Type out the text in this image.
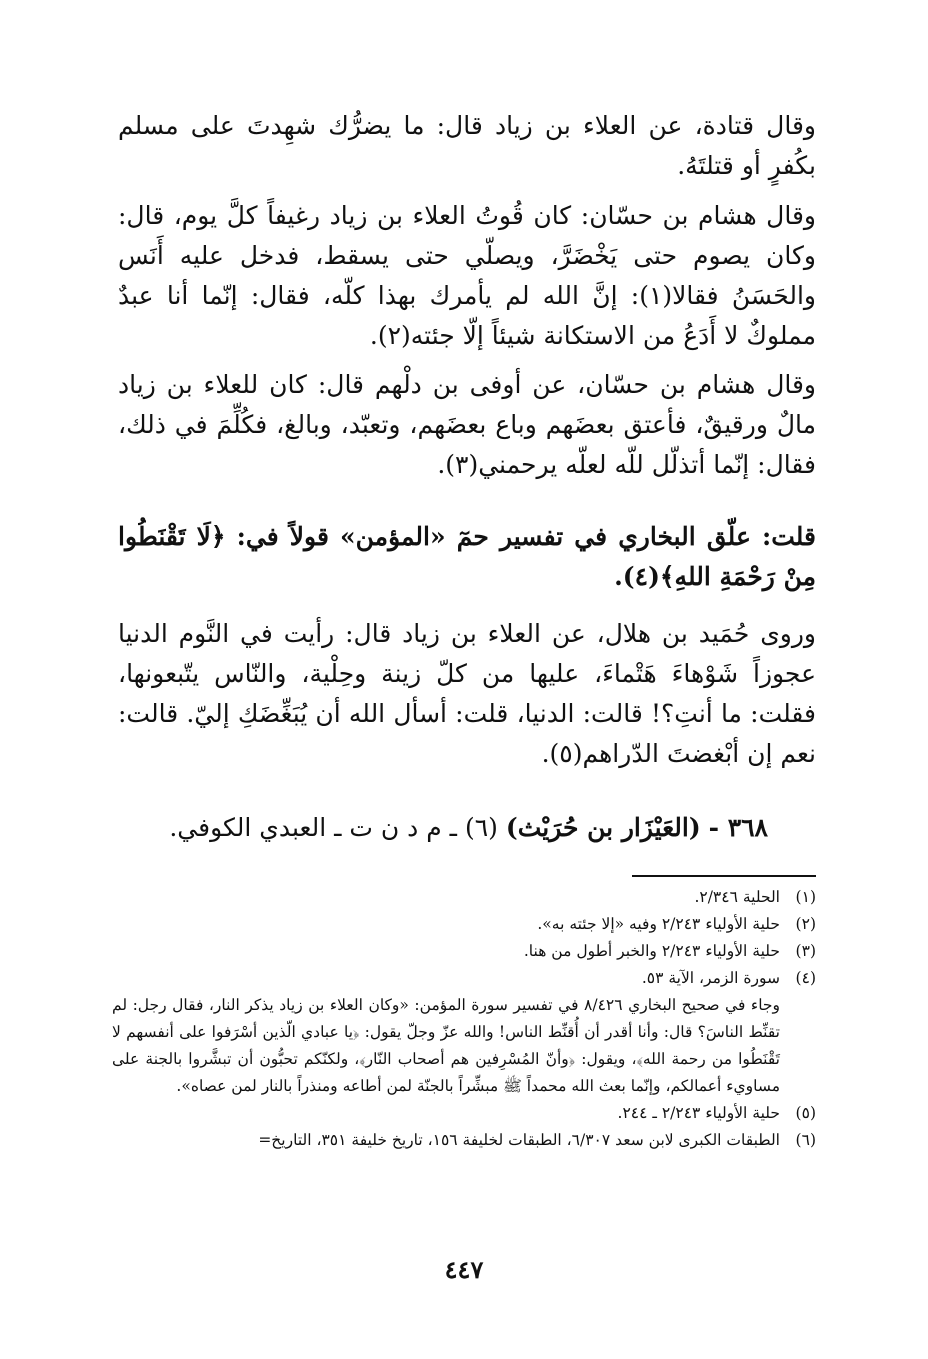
وقال قتادة، عن العلاء بن زياد قال: ما يضرُّك شهِدتَ على مسلم بكُفرٍ أو قتلتَهُ.

وقال هشام بن حسّان: كان قُوتُ العلاء بن زياد رغيفاً كلَّ يوم، قال: وكان يصوم حتى يَخْضَرَّ، ويصلّي حتى يسقط، فدخل عليه أَنَس والحَسَنُ فقالا(١): إنَّ الله لم يأمرك بهذا كلّه، فقال: إنّما أنا عبدٌ مملوكٌ لا أَدَعُ من الاستكانة شيئاً إلّا جئته(٢).

وقال هشام بن حسّان، عن أوفى بن دلْهم قال: كان للعلاء بن زياد مالٌ ورقيقٌ، فأعتق بعضَهم وباع بعضَهم، وتعبّد، وبالغ، فكُلِّمَ في ذلك، فقال: إنّما أتذلّل للّه لعلّه يرحمني(٣).

قلت: علّق البخاري في تفسير حمٓ «المؤمن» قولاً في: ﴿لَا تَقْنَطُوا مِنْ رَحْمَةِ اللهِ﴾(٤).

وروى حُمَيد بن هلال، عن العلاء بن زياد قال: رأيت في النَّوم الدنيا عجوزاً شَوْهاءَ هَتْماءَ، عليها من كلّ زينة وحِلْية، والنّاس يتّبعونها، فقلت: ما أنتِ؟! قالت: الدنيا، قلت: أسأل الله أن يُبَغِّضَكِ إليّ. قالت: نعم إن أبْغضتَ الدّراهم(٥).

٣٦٨ - (العَيْزَار بن حُرَيْث) (٦) ـ م د ن ت ـ العبدي الكوفي.

(١)
الحلية ٢/٣٤٦.

(٢)
حلية الأولياء ٢/٢٤٣ وفيه «إلا جئته به».

(٣)
حلية الأولياء ٢/٢٤٣ والخبر أطول من هنا.

(٤)
سورة الزمر، الآية ٥٣.

وجاء في صحيح البخاري ٨/٤٢٦ في تفسير سورة المؤمن: «وكان العلاء بن زياد يذكر النار، فقال رجل: لم تقنِّط الناسَ؟ قال: وأنا أقدر أن أُقنِّط الناس! والله عزّ وجلّ يقول: ﴿يا عبادي الّذين أسْرَفوا على أنفسهم لا تَقْنَطُوا من رحمة الله﴾، ويقول: ﴿وأنّ المُسْرِفين هم أصحاب النّار﴾، ولكنّكم تحبُّون أن تبشَّروا بالجنة على مساويء أعمالكم، وإنّما بعث الله محمداً ﷺ مبشِّراً بالجنّة لمن أطاعه ومنذراً بالنار لمن عصاه».

(٥)
حلية الأولياء ٢/٢٤٣ ـ ٢٤٤.

(٦)
الطبقات الكبرى لابن سعد ٦/٣٠٧، الطبقات لخليفة ١٥٦، تاريخ خليفة ٣٥١، التاريخ=

٤٤٧
